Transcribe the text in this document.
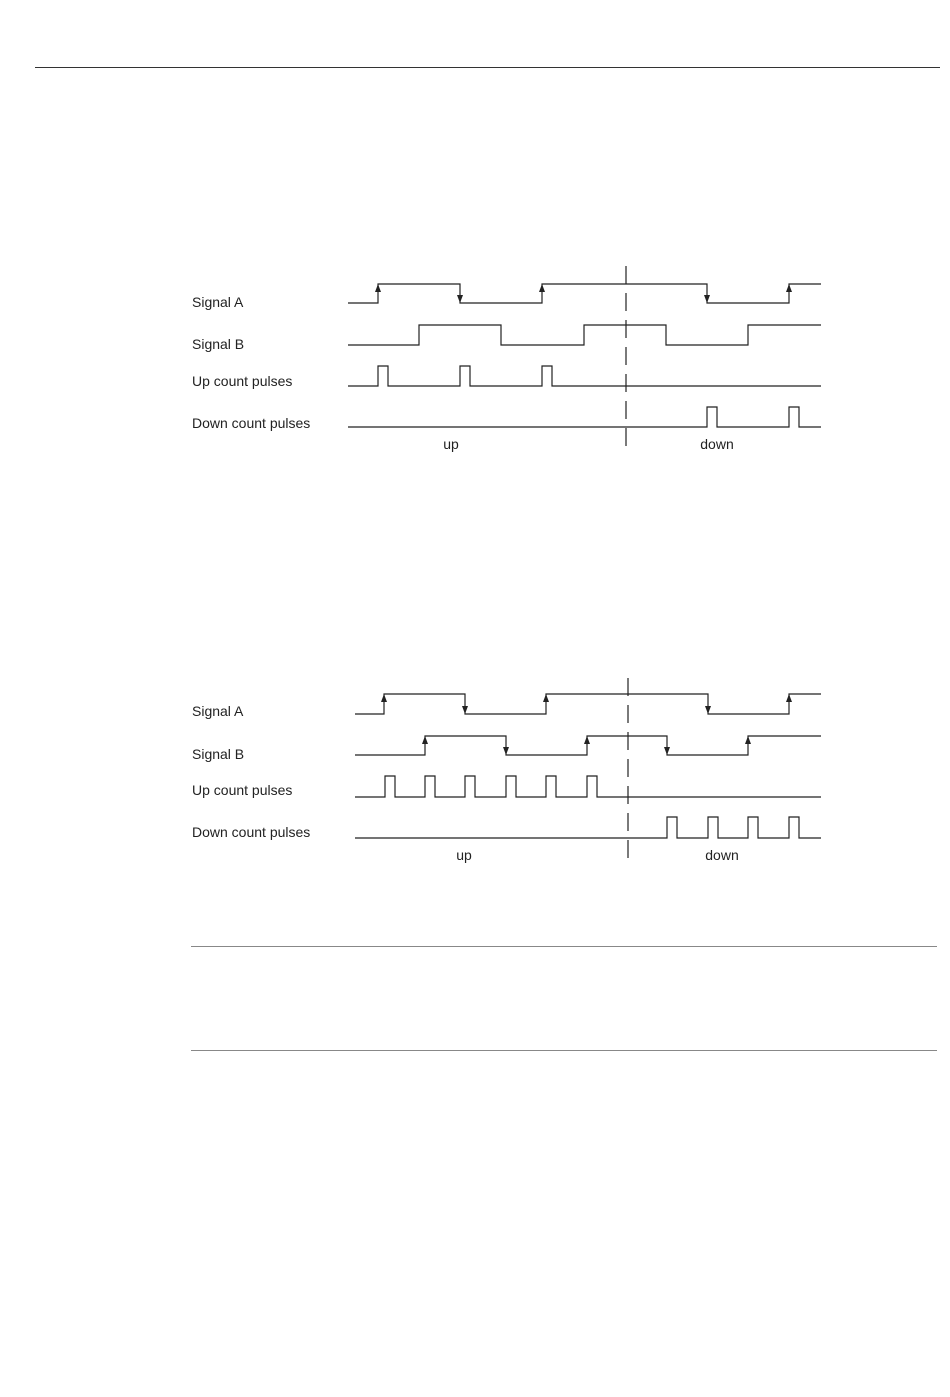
Signal A
Signal B
Up count pulses
Down count pulses
up	down
Signal A
Signal B
Up count pulses
Down count pulses
up	down
